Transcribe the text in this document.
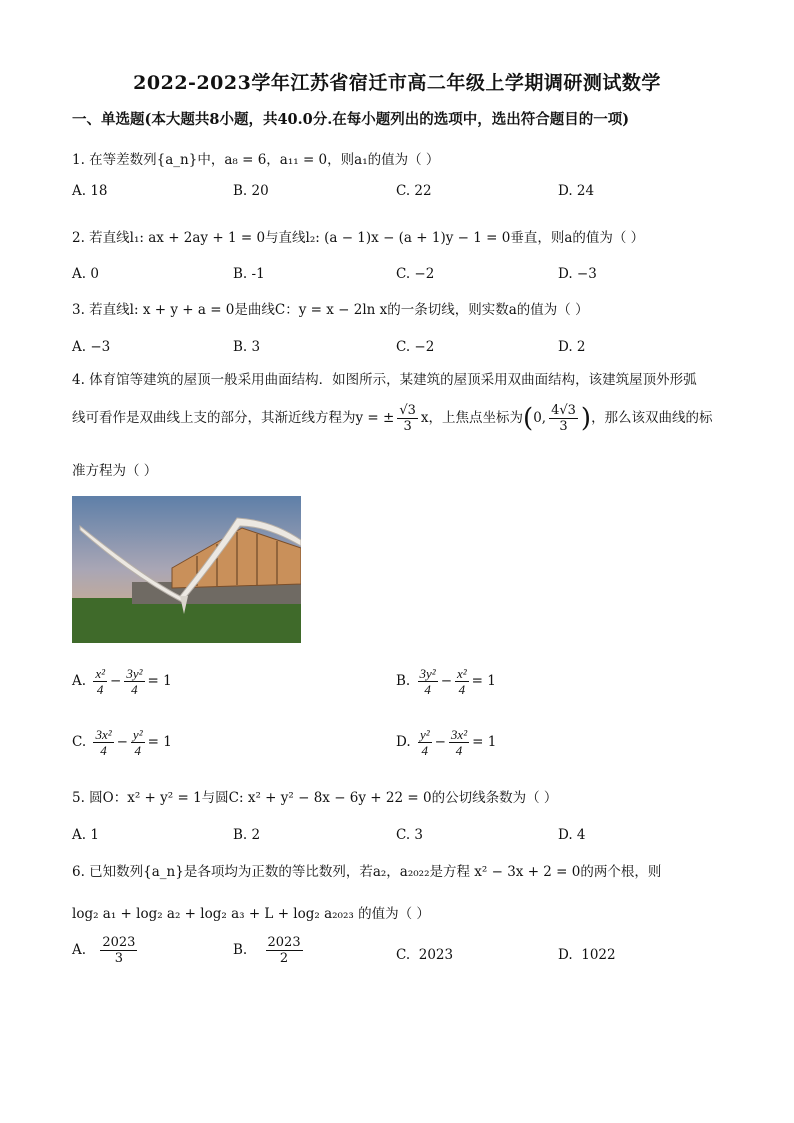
2022-2023学年江苏省宿迁市高二年级上学期调研测试数学
一、单选题(本大题共8小题，共40.0分.在每小题列出的选项中，选出符合题目的一项)
1. 在等差数列{a_n}中，a₈ = 6，a₁₁ = 0，则a₁的值为（ ）
A. 18	B. 20	C. 22	D. 24
2. 若直线l₁: ax + 2ay + 1 = 0与直线l₂: (a − 1)x − (a + 1)y − 1 = 0垂直，则a的值为（ ）
A. 0	B. -1	C. −2	D. −3
3. 若直线l: x + y + a = 0是曲线C：y = x − 2ln x的一条切线，则实数a的值为（ ）
A. −3	B. 3	C. −2	D. 2
4. 体育馆等建筑的屋顶一般采用曲面结构．如图所示，某建筑的屋顶采用双曲面结构，该建筑屋顶外形弧
线可看作是双曲线上支的部分，其渐近线方程为y = ± $\frac{√3}{3}$ x，上焦点坐标为(0, $\frac{4√3}{3}$ )，那么该双曲线的标
准方程为（ ）
A. $\frac{\text{x²}}{4} - \frac{\text{3y²}}{4} = 1$	B. $\frac{\text{3y²}}{4} - \frac{\text{x²}}{4} = 1$
C. $\frac{\text{3x²}}{4} - \frac{\text{y²}}{4} = 1$	D. $\frac{\text{y²}}{4} - \frac{\text{3x²}}{4} = 1$
5. 圆O：x² + y² = 1与圆C: x² + y² − 8x − 6y + 22 = 0的公切线条数为（ ）
A. 1	B. 2	C. 3	D. 4
6. 已知数列{a_n}是各项均为正数的等比数列，若a₂，a₂₀₂₂是方程 x² − 3x + 2 = 0的两个根，则
log₂ a₁ + log₂ a₂ + log₂ a₃ + L + log₂ a₂₀₂₃ 的值为（ ）
A. $\frac{2023}{3}$	B. $\frac{2023}{2}$	C. 2023	D. 1022
